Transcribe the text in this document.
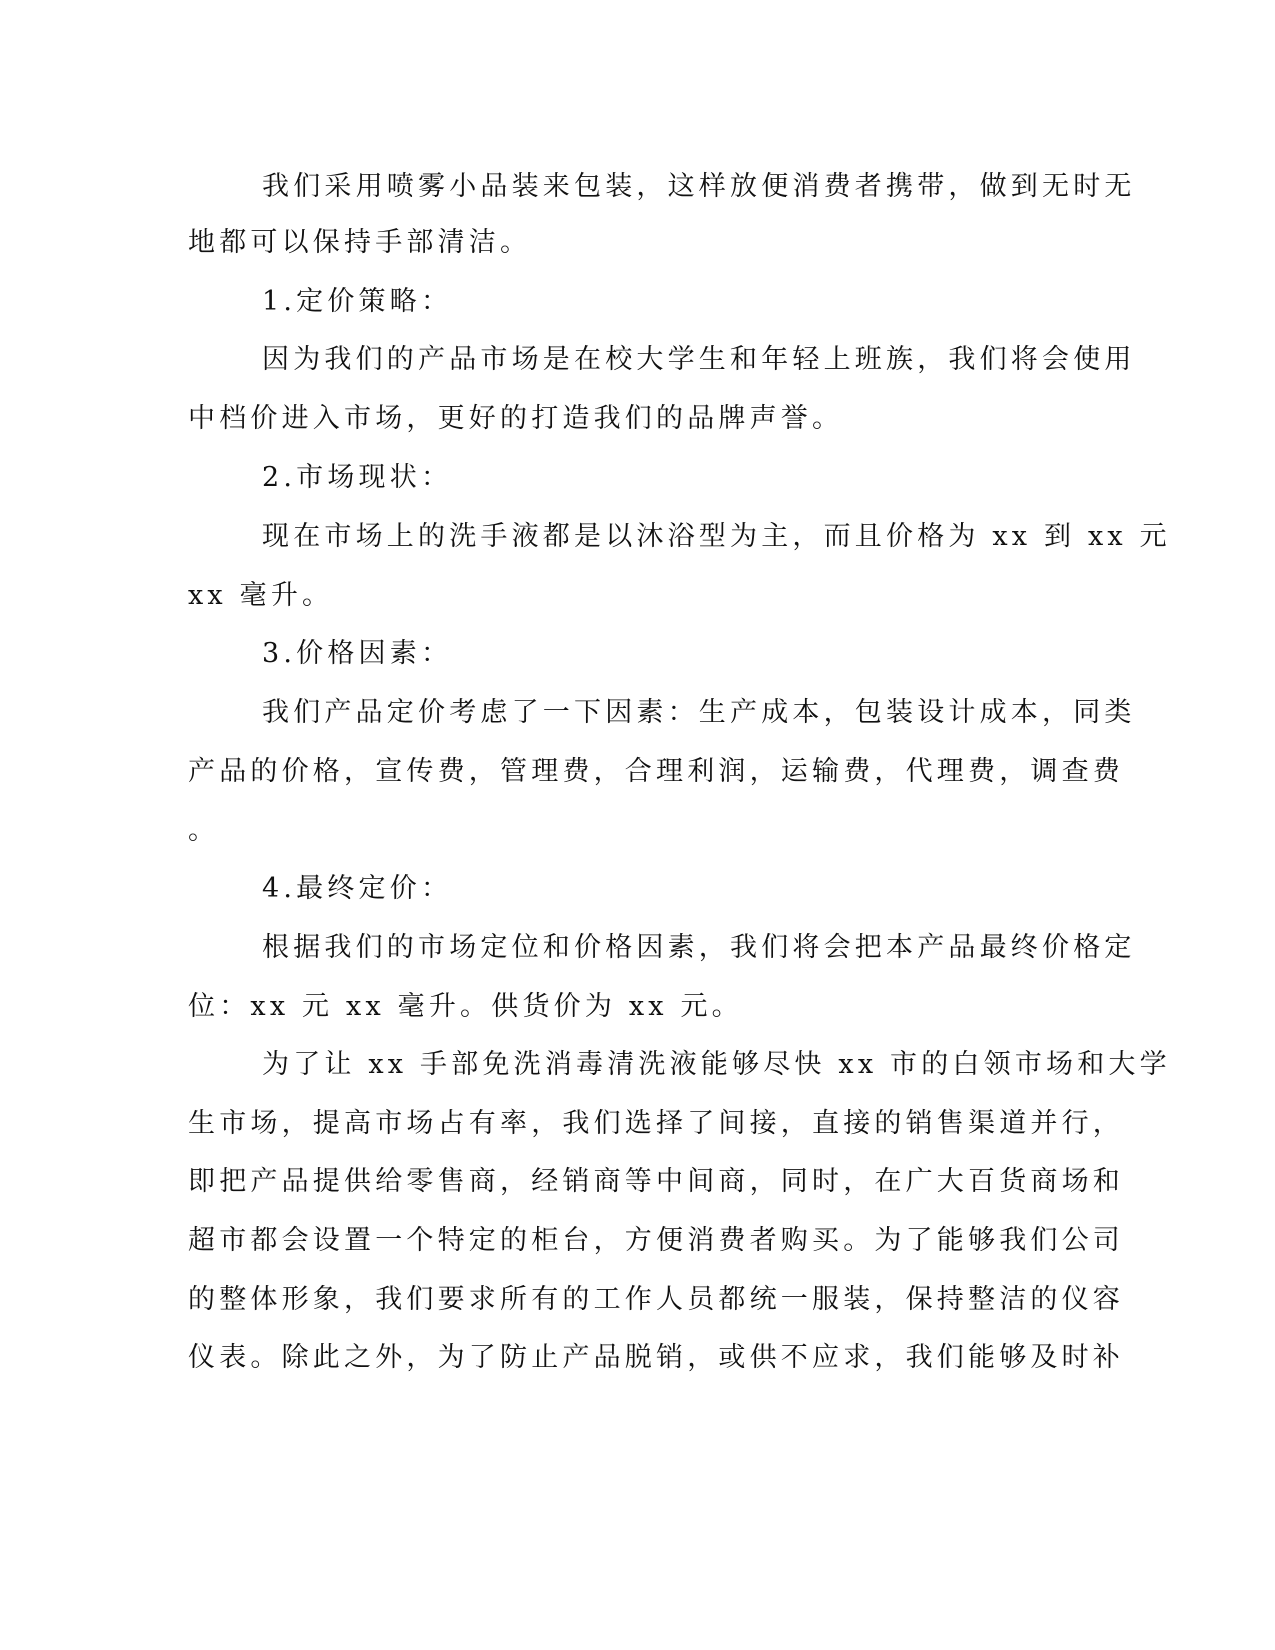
我们采用喷雾小品装来包装，这样放便消费者携带，做到无时无

地都可以保持手部清洁。

1.定价策略：

因为我们的产品市场是在校大学生和年轻上班族，我们将会使用

中档价进入市场，更好的打造我们的品牌声誉。

2.市场现状：

现在市场上的洗手液都是以沐浴型为主，而且价格为 xx 到 xx 元

xx 毫升。

3.价格因素：

我们产品定价考虑了一下因素：生产成本，包装设计成本，同类

产品的价格，宣传费，管理费，合理利润，运输费，代理费，调查费

。

4.最终定价：

根据我们的市场定位和价格因素，我们将会把本产品最终价格定

位：xx 元 xx 毫升。供货价为 xx 元。

为了让 xx 手部免洗消毒清洗液能够尽快 xx 市的白领市场和大学

生市场，提高市场占有率，我们选择了间接，直接的销售渠道并行，

即把产品提供给零售商，经销商等中间商，同时，在广大百货商场和

超市都会设置一个特定的柜台，方便消费者购买。为了能够我们公司

的整体形象，我们要求所有的工作人员都统一服装，保持整洁的仪容

仪表。除此之外，为了防止产品脱销，或供不应求，我们能够及时补
